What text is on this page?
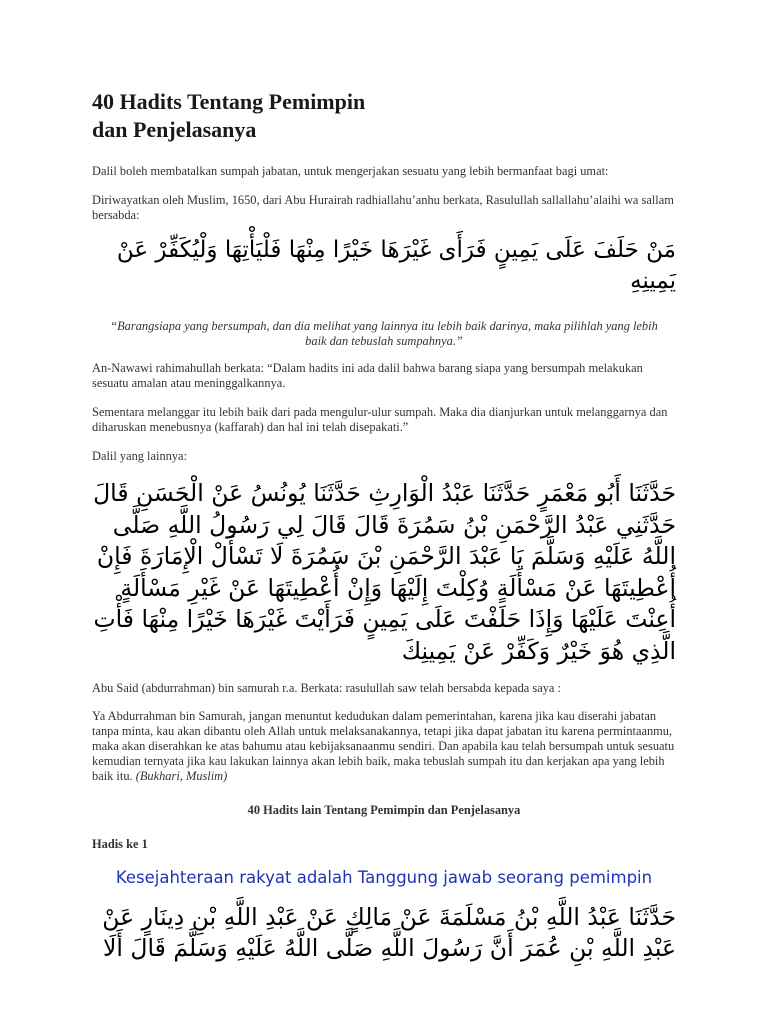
40 Hadits Tentang Pemimpin
dan Penjelasanya

Dalil boleh membatalkan sumpah jabatan, untuk mengerjakan sesuatu yang lebih bermanfaat bagi umat:

Diriwayatkan oleh Muslim, 1650, dari Abu Hurairah radhiallahu’anhu berkata, Rasulullah sallallahu’alaihi wa sallam bersabda:

مَنْ حَلَفَ عَلَى يَمِينٍ فَرَأَى غَيْرَهَا خَيْرًا مِنْهَا فَلْيَأْتِهَا وَلْيُكَفِّرْ عَنْ يَمِينِهِ

“Barangsiapa yang bersumpah, dan dia melihat yang lainnya itu lebih baik darinya, maka pilihlah yang lebih baik dan tebuslah sumpahnya.”

An-Nawawi rahimahullah berkata: “Dalam hadits ini ada dalil bahwa barang siapa yang bersumpah melakukan sesuatu amalan atau meninggalkannya.

Sementara melanggar itu lebih baik dari pada mengulur-ulur sumpah. Maka dia dianjurkan untuk melanggarnya dan diharuskan menebusnya (kaffarah) dan hal ini telah disepakati.”

Dalil yang lainnya:

حَدَّثَنَا أَبُو مَعْمَرٍ حَدَّثَنَا عَبْدُ الْوَارِثِ حَدَّثَنَا يُونُسُ عَنْ الْحَسَنِ قَالَ حَدَّثَنِي عَبْدُ الرَّحْمَنِ بْنُ سَمُرَةَ قَالَ قَالَ لِي رَسُولُ اللَّهِ صَلَّى اللَّهُ عَلَيْهِ وَسَلَّمَ يَا عَبْدَ الرَّحْمَنِ بْنَ سَمُرَةَ لَا تَسْأَلْ الْإِمَارَةَ فَإِنْ أُعْطِيتَهَا عَنْ مَسْأَلَةٍ وُكِلْتَ إِلَيْهَا وَإِنْ أُعْطِيتَهَا عَنْ غَيْرِ مَسْأَلَةٍ أُعِنْتَ عَلَيْهَا وَإِذَا حَلَفْتَ عَلَى يَمِينٍ فَرَأَيْتَ غَيْرَهَا خَيْرًا مِنْهَا فَأْتِ الَّذِي هُوَ خَيْرٌ وَكَفِّرْ عَنْ يَمِينِكَ

Abu Said (abdurrahman) bin samurah r.a. Berkata: rasulullah saw telah bersabda kepada saya :

Ya Abdurrahman bin Samurah, jangan menuntut kedudukan dalam pemerintahan, karena jika kau diserahi jabatan tanpa minta, kau akan dibantu oleh Allah untuk melaksanakannya, tetapi jika dapat jabatan itu karena permintaanmu, maka akan diserahkan ke atas bahumu atau kebijaksanaanmu sendiri. Dan apabila kau telah bersumpah untuk sesuatu kemudian ternyata jika kau lakukan lainnya akan lebih baik, maka tebuslah sumpah itu dan kerjakan apa yang lebih baik itu. (Bukhari, Muslim)

40 Hadits lain Tentang Pemimpin dan Penjelasanya

Hadis ke 1

Kesejahteraan rakyat adalah Tanggung jawab seorang pemimpin

حَدَّثَنَا عَبْدُ اللَّهِ بْنُ مَسْلَمَةَ عَنْ مَالِكٍ عَنْ عَبْدِ اللَّهِ بْنِ دِينَارٍ عَنْ عَبْدِ اللَّهِ بْنِ عُمَرَ أَنَّ رَسُولَ اللَّهِ صَلَّى اللَّهُ عَلَيْهِ وَسَلَّمَ قَالَ أَلَا
